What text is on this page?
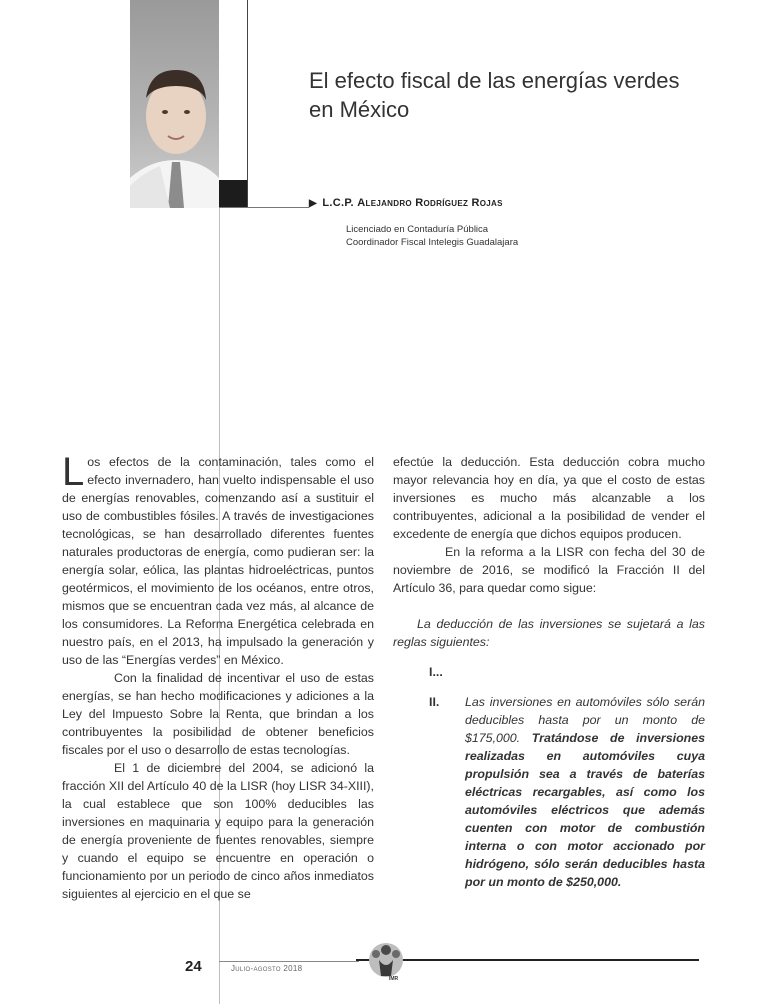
El efecto fiscal de las energías verdes en México
▶ L.C.P. Alejandro Rodríguez Rojas
Licenciado en Contaduría Pública
Coordinador Fiscal Intelegis Guadalajara

Los efectos de la contaminación, tales como el efecto invernadero, han vuelto indispensable el uso de energías renovables, comenzando así a sustituir el uso de combustibles fósiles. A través de investigaciones tecnológicas, se han desarrollado diferentes fuentes naturales productoras de energía, como pudieran ser: la energía solar, eólica, las plantas hidroeléctricas, puntos geotérmicos, el movimiento de los océanos, entre otros, mismos que se encuentran cada vez más, al alcance de los consumidores. La Reforma Energética celebrada en nuestro país, en el 2013, ha impulsado la generación y uso de las “Energías verdes” en México.

Con la finalidad de incentivar el uso de estas energías, se han hecho modificaciones y adiciones a la Ley del Impuesto Sobre la Renta, que brindan a los contribuyentes la posibilidad de obtener beneficios fiscales por el uso o desarrollo de estas tecnologías.

El 1 de diciembre del 2004, se adicionó la fracción XII del Artículo 40 de la LISR (hoy LISR 34-XIII), la cual establece que son 100% deducibles las inversiones en maquinaria y equipo para la generación de energía proveniente de fuentes renovables, siempre y cuando el equipo se encuentre en operación o funcionamiento por un periodo de cinco años inmediatos siguientes al ejercicio en el que se

efectúe la deducción. Esta deducción cobra mucho mayor relevancia hoy en día, ya que el costo de estas inversiones es mucho más alcanzable a los contribuyentes, adicional a la posibilidad de vender el excedente de energía que dichos equipos producen.

En la reforma a la LISR con fecha del 30 de noviembre de 2016, se modificó la Fracción II del Artículo 36, para quedar como sigue:

La deducción de las inversiones se sujetará a las reglas siguientes:

I...

II.	Las inversiones en automóviles sólo serán deducibles hasta por un monto de $175,000. Tratándose de inversiones realizadas en automóviles cuya propulsión sea a través de baterías eléctricas recargables, así como los automóviles eléctricos que además cuenten con motor de combustión interna o con motor accionado por hidrógeno, sólo serán deducibles hasta por un monto de $250,000.

24	Julio-agosto 2018
IMR
